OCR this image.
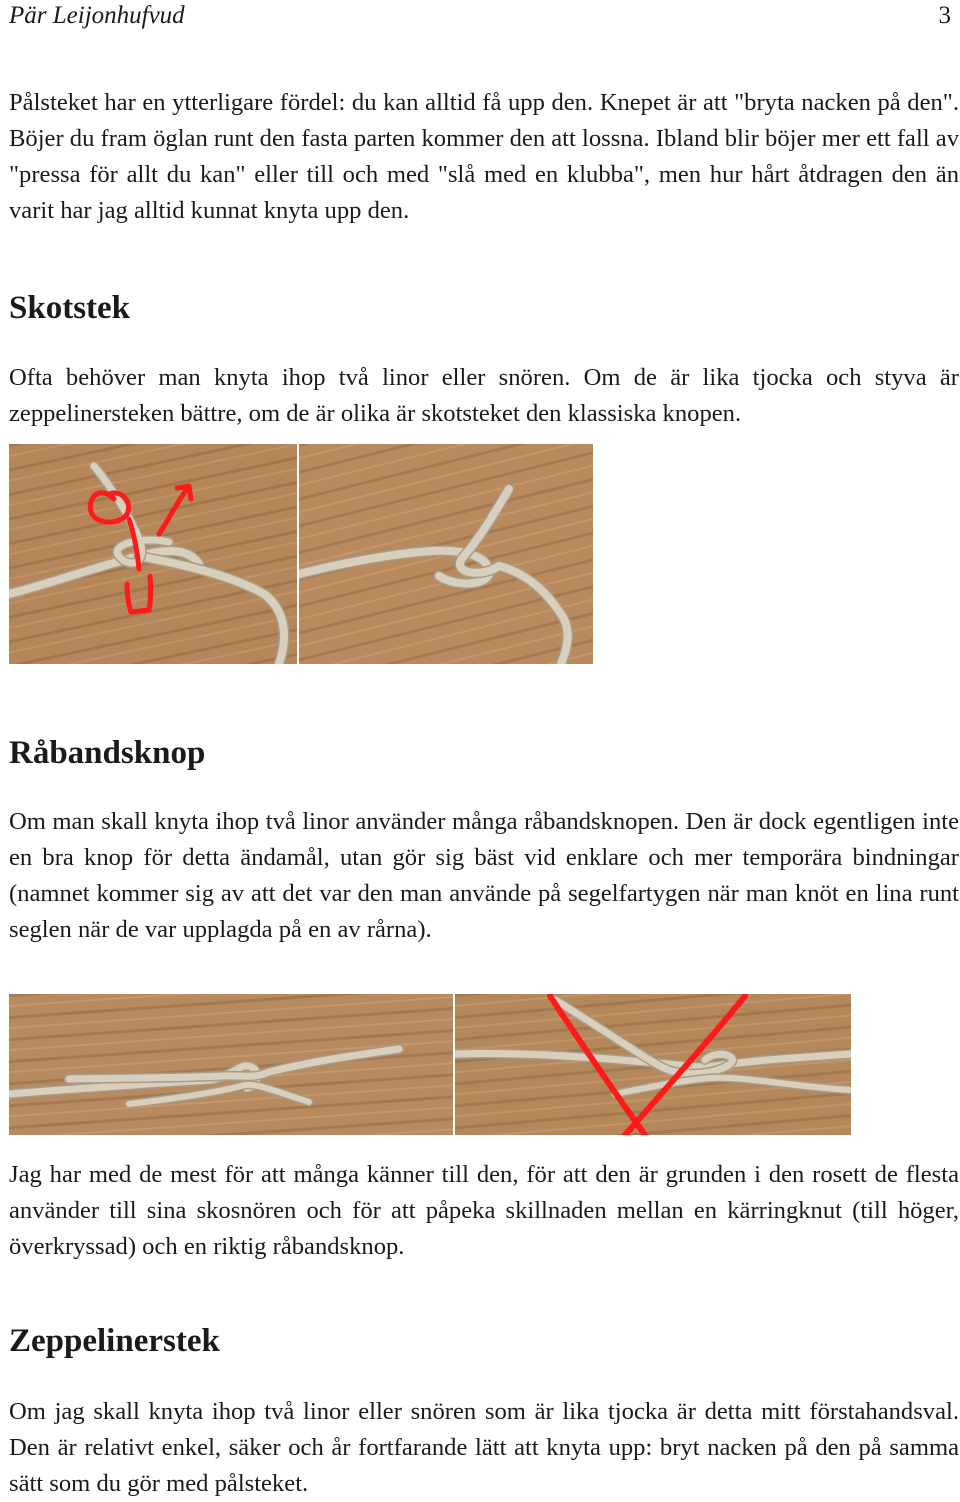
Pär Leijonhufvud	3

Pålsteket har en ytterligare fördel: du kan alltid få upp den. Knepet är att "bryta nacken på den". Böjer du fram öglan runt den fasta parten kommer den att lossna. Ibland blir böjer mer ett fall av "pressa för allt du kan" eller till och med "slå med en klubba", men hur hårt åtdragen den än varit har jag alltid kunnat knyta upp den.

Skotstek

Ofta behöver man knyta ihop två linor eller snören. Om de är lika tjocka och styva är zeppelinersteken bättre, om de är olika är skotsteket den klassiska knopen.

Råbandsknop

Om man skall knyta ihop två linor använder många råbandsknopen. Den är dock egentligen inte en bra knop för detta ändamål, utan gör sig bäst vid enklare och mer temporära bindningar (namnet kommer sig av att det var den man använde på segelfartygen när man knöt en lina runt seglen när de var upplagda på en av rårna).

Jag har med de mest för att många känner till den, för att den är grunden i den rosett de flesta använder till sina skosnören och för att påpeka skillnaden mellan en kärringknut (till höger, överkryssad) och en riktig råbandsknop.

Zeppelinerstek

Om jag skall knyta ihop två linor eller snören som är lika tjocka är detta mitt förstahandsval. Den är relativt enkel, säker och år fortfarande lätt att knyta upp: bryt nacken på den på samma sätt som du gör med pålsteket.
